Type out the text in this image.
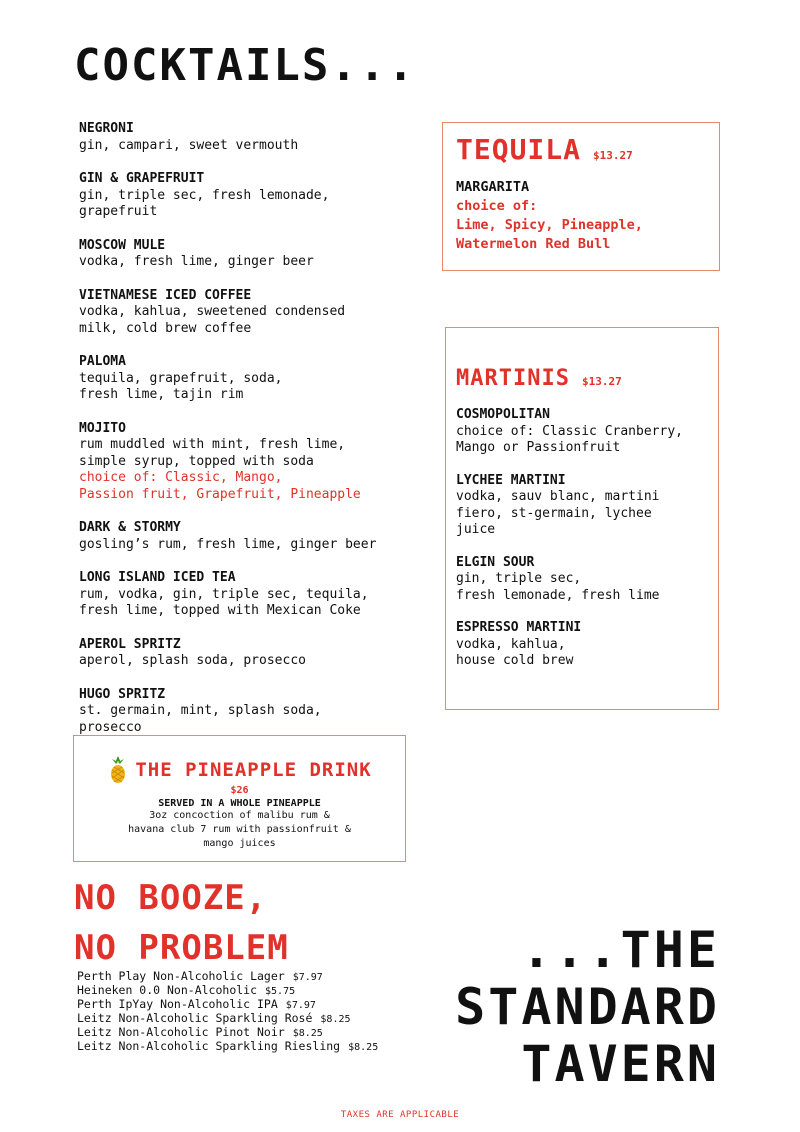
COCKTAILS...
NEGRONI
gin, campari, sweet vermouth
GIN & GRAPEFRUIT
gin, triple sec, fresh lemonade,
grapefruit
MOSCOW MULE
vodka, fresh lime, ginger beer
VIETNAMESE ICED COFFEE
vodka, kahlua, sweetened condensed
milk, cold brew coffee
PALOMA
tequila, grapefruit, soda,
fresh lime, tajin rim
MOJITO
rum muddled with mint, fresh lime,
simple syrup, topped with soda
choice of: Classic, Mango,
Passion fruit, Grapefruit, Pineapple
DARK & STORMY
gosling’s rum, fresh lime, ginger beer
LONG ISLAND ICED TEA
rum, vodka, gin, triple sec, tequila,
fresh lime, topped with Mexican Coke
APEROL SPRITZ
aperol, splash soda, prosecco
HUGO SPRITZ
st. germain, mint, splash soda,
prosecco
TEQUILA $13.27
MARGARITA
choice of:
Lime, Spicy, Pineapple,
Watermelon Red Bull
MARTINIS $13.27
COSMOPOLITAN
choice of: Classic Cranberry,
Mango or Passionfruit
LYCHEE MARTINI
vodka, sauv blanc, martini
fiero, st-germain, lychee
juice
ELGIN SOUR
gin, triple sec,
fresh lemonade, fresh lime
ESPRESSO MARTINI
vodka, kahlua,
house cold brew
THE PINEAPPLE DRINK
$26
SERVED IN A WHOLE PINEAPPLE
3oz concoction of malibu rum &
havana club 7 rum with passionfruit &
mango juices
NO BOOZE,
NO PROBLEM
Perth Play Non-Alcoholic Lager $7.97
Heineken 0.0 Non-Alcoholic $5.75
Perth IpYay Non-Alcoholic IPA $7.97
Leitz Non-Alcoholic Sparkling Rosé $8.25
Leitz Non-Alcoholic Pinot Noir $8.25
Leitz Non-Alcoholic Sparkling Riesling $8.25
...THE
STANDARD
TAVERN
TAXES ARE APPLICABLE
